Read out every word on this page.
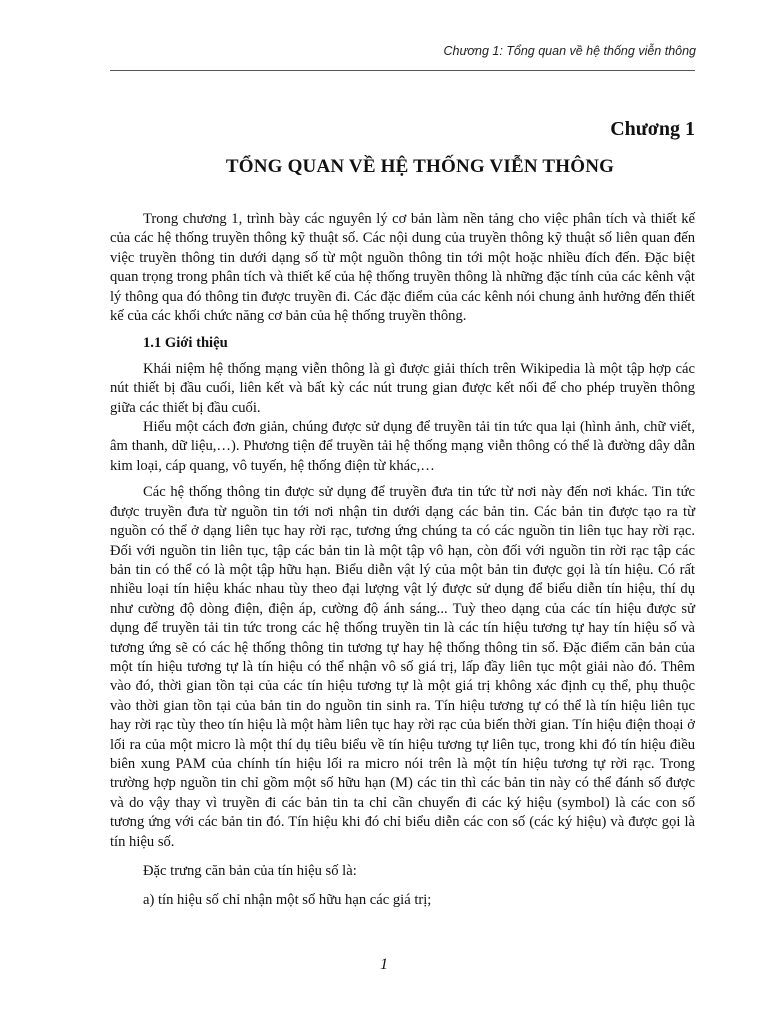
Chương 1: Tổng quan về hệ thống viễn thông
Chương 1
TỔNG QUAN VỀ HỆ THỐNG VIỄN THÔNG

Trong chương 1, trình bày các nguyên lý cơ bản làm nền tảng cho việc phân tích và thiết kế của các hệ thống truyền thông kỹ thuật số. Các nội dung của truyền thông kỹ thuật số liên quan đến việc truyền thông tin dưới dạng số từ một nguồn thông tin tới một hoặc nhiều đích đến. Đặc biệt quan trọng trong phân tích và thiết kế của hệ thống truyền thông là những đặc tính của các kênh vật lý thông qua đó thông tin được truyền đi. Các đặc điểm của các kênh nói chung ảnh hưởng đến thiết kế của các khối chức năng cơ bản của hệ thống truyền thông.

1.1 Giới thiệu

Khái niệm hệ thống mạng viễn thông là gì được giải thích trên Wikipedia là một tập hợp các nút thiết bị đầu cuối, liên kết và bất kỳ các nút trung gian được kết nối để cho phép truyền thông giữa các thiết bị đầu cuối.

Hiểu một cách đơn giản, chúng được sử dụng để truyền tải tin tức qua lại (hình ảnh, chữ viết, âm thanh, dữ liệu,…). Phương tiện để truyền tải hệ thống mạng viễn thông có thể là đường dây dẫn kim loại, cáp quang, vô tuyến, hệ thống điện từ khác,…

Các hệ thống thông tin được sử dụng để truyền đưa tin tức từ nơi này đến nơi khác. Tin tức được truyền đưa từ nguồn tin tới nơi nhận tin dưới dạng các bản tin. Các bản tin được tạo ra từ nguồn có thể ở dạng liên tục hay rời rạc, tương ứng chúng ta có các nguồn tin liên tục hay rời rạc. Đối với nguồn tin liên tục, tập các bản tin là một tập vô hạn, còn đối với nguồn tin rời rạc tập các bản tin có thể có là một tập hữu hạn. Biểu diễn vật lý của một bản tin được gọi là tín hiệu. Có rất nhiều loại tín hiệu khác nhau tùy theo đại lượng vật lý được sử dụng để biểu diễn tín hiệu, thí dụ như cường độ dòng điện, điện áp, cường độ ánh sáng... Tuỳ theo dạng của các tín hiệu được sử dụng để truyền tải tin tức trong các hệ thống truyền tin là các tín hiệu tương tự hay tín hiệu số và tương ứng sẽ có các hệ thống thông tin tương tự hay hệ thống thông tin số. Đặc điểm căn bản của một tín hiệu tương tự là tín hiệu có thể nhận vô số giá trị, lấp đầy liên tục một giải nào đó. Thêm vào đó, thời gian tồn tại của các tín hiệu tương tự là một giá trị không xác định cụ thể, phụ thuộc vào thời gian tồn tại của bản tin do nguồn tin sinh ra. Tín hiệu tương tự có thể là tín hiệu liên tục hay rời rạc tùy theo tín hiệu là một hàm liên tục hay rời rạc của biến thời gian. Tín hiệu điện thoại ở lối ra của một micro là một thí dụ tiêu biểu về tín hiệu tương tự liên tục, trong khi đó tín hiệu điều biên xung PAM của chính tín hiệu lối ra micro nói trên là một tín hiệu tương tự rời rạc. Trong trường hợp nguồn tin chỉ gồm một số hữu hạn (M) các tin thì các bản tin này có thể đánh số được và do vậy thay vì truyền đi các bản tin ta chỉ cần chuyển đi các ký hiệu (symbol) là các con số tương ứng với các bản tin đó. Tín hiệu khi đó chỉ biểu diễn các con số (các ký hiệu) và được gọi là tín hiệu số.

Đặc trưng căn bản của tín hiệu số là:

a) tín hiệu số chỉ nhận một số hữu hạn các giá trị;

1
